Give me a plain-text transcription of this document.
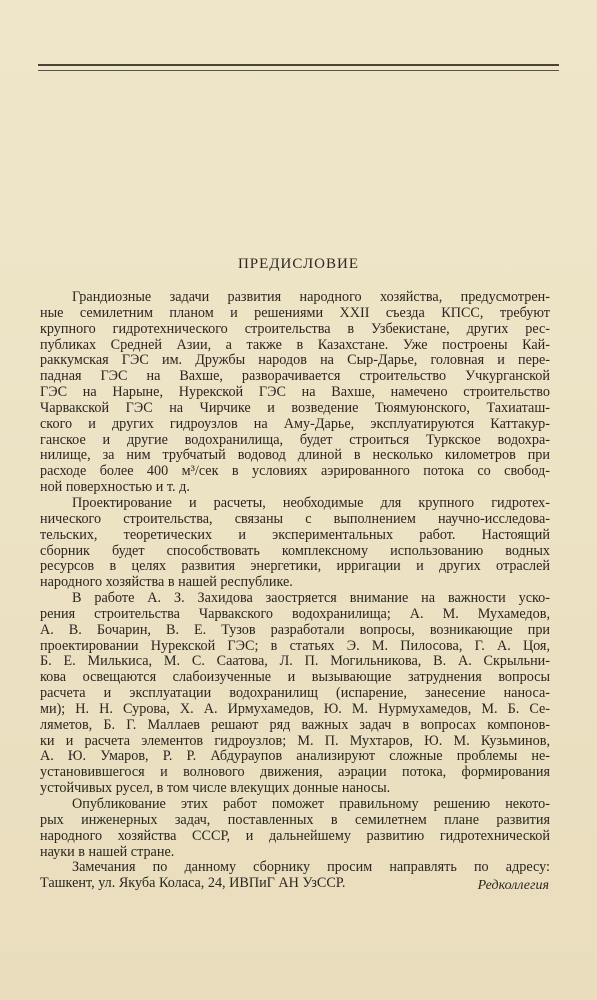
ПРЕДИСЛОВИЕ
Грандиозные задачи развития народного хозяйства, предусмотрен-
ные семилетним планом и решениями XXII съезда КПСС, требуют
крупного гидротехнического строительства в Узбекистане, других рес-
публиках Средней Азии, а также в Казахстане. Уже построены Кай-
раккумская ГЭС им. Дружбы народов на Сыр-Дарье, головная и пере-
падная ГЭС на Вахше, разворачивается строительство Учкурганской
ГЭС на Нарыне, Нурекской ГЭС на Вахше, намечено строительство
Чарвакской ГЭС на Чирчике и возведение Тюямуюнского, Тахиаташ-
ского и других гидроузлов на Аму-Дарье, эксплуатируются Каттакур-
ганское и другие водохранилища, будет строиться Туркское водохра-
нилище, за ним трубчатый водовод длиной в несколько километров при
расходе более 400 м³/сек в условиях аэрированного потока со свобод-
ной поверхностью и т. д.
Проектирование и расчеты, необходимые для крупного гидротех-
нического строительства, связаны с выполнением научно-исследова-
тельских, теоретических и экспериментальных работ. Настоящий
сборник будет способствовать комплексному использованию водных
ресурсов в целях развития энергетики, ирригации и других отраслей
народного хозяйства в нашей республике.
В работе А. З. Захидова заостряется внимание на важности уско-
рения строительства Чарвакского водохранилища; А. М. Мухамедов,
А. В. Бочарин, В. Е. Тузов разработали вопросы, возникающие при
проектировании Нурекской ГЭС; в статьях Э. М. Пилосова, Г. А. Цоя,
Б. Е. Милькиса, М. С. Саатова, Л. П. Могильникова, В. А. Скрыльни-
кова освещаются слабоизученные и вызывающие затруднения вопросы
расчета и эксплуатации водохранилищ (испарение, занесение наноса-
ми); Н. Н. Сурова, Х. А. Ирмухамедов, Ю. М. Нурмухамедов, М. Б. Се-
ляметов, Б. Г. Маллаев решают ряд важных задач в вопросах компонов-
ки и расчета элементов гидроузлов; М. П. Мухтаров, Ю. М. Кузьминов,
А. Ю. Умаров, Р. Р. Абдураупов анализируют сложные проблемы не-
установившегося и волнового движения, аэрации потока, формирования
устойчивых русел, в том числе влекущих донные наносы.
Опубликование этих работ поможет правильному решению некото-
рых инженерных задач, поставленных в семилетнем плане развития
народного хозяйства СССР, и дальнейшему развитию гидротехнической
науки в нашей стране.
Замечания по данному сборнику просим направлять по адресу:
Ташкент, ул. Якуба Коласа, 24, ИВПиГ АН УзССР.	Редколлегия
